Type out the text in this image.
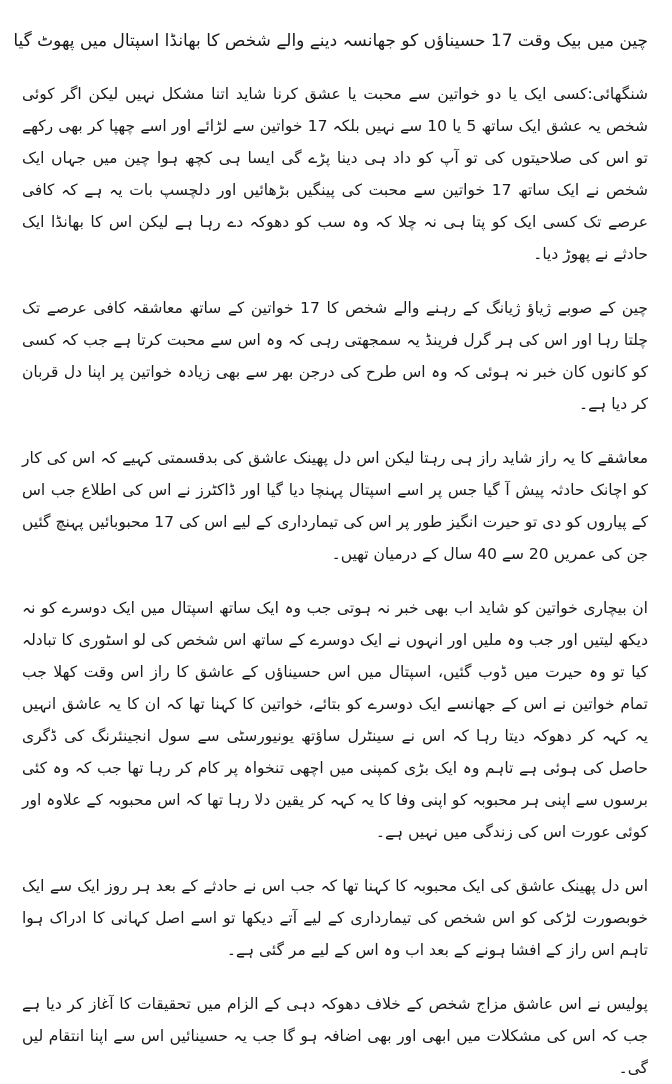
چین میں بیک وقت 17 حسیناؤں کو جھانسہ دینے والے شخص کا بھانڈا اسپتال میں پھوٹ گیا

شنگھائی:کسی ایک یا دو خواتین سے محبت یا عشق کرنا شاید اتنا مشکل نہیں لیکن اگر کوئی شخص یہ عشق ایک ساتھ 5 یا 10 سے نہیں بلکہ 17 خواتین سے لڑائے اور اسے چھپا کر بھی رکھے تو اس کی صلاحیتوں کی تو آپ کو داد ہی دینا پڑے گی ایسا ہی کچھ ہوا چین میں جہاں ایک شخص نے ایک ساتھ 17 خواتین سے محبت کی پینگیں بڑھائیں اور دلچسپ بات یہ ہے کہ کافی عرصے تک کسی ایک کو پتا ہی نہ چلا کہ وہ سب کو دھوکہ دے رہا ہے لیکن اس کا بھانڈا ایک حادثے نے پھوڑ دیا۔

چین کے صوبے ژیاؤ ژیانگ کے رہنے والے شخص کا 17 خواتین کے ساتھ معاشقہ کافی عرصے تک چلتا رہا اور اس کی ہر گرل فرینڈ یہ سمجھتی رہی کہ وہ اس سے محبت کرتا ہے جب کہ کسی کو کانوں کان خبر نہ ہوئی کہ وہ اس طرح کی درجن بھر سے بھی زیادہ خواتین پر اپنا دل قربان کر دیا ہے۔

معاشقے کا یہ راز شاید راز ہی رہتا لیکن اس دل پھینک عاشق کی بدقسمتی کہیے کہ اس کی کار کو اچانک حادثہ پیش آ گیا جس پر اسے اسپتال پہنچا دیا گیا اور ڈاکٹرز نے اس کی اطلاع جب اس کے پیاروں کو دی تو حیرت انگیز طور پر اس کی تیمارداری کے لیے اس کی 17 محبوبائیں پہنچ گئیں جن کی عمریں 20 سے 40 سال کے درمیان تھیں۔

ان بیچاری خواتین کو شاید اب بھی خبر نہ ہوتی جب وہ ایک ساتھ اسپتال میں ایک دوسرے کو نہ دیکھ لیتیں اور جب وہ ملیں اور انہوں نے ایک دوسرے کے ساتھ اس شخص کی لو اسٹوری کا تبادلہ کیا تو وہ حیرت میں ڈوب گئیں، اسپتال میں اس حسیناؤں کے عاشق کا راز اس وقت کھلا جب تمام خواتین نے اس کے جھانسے ایک دوسرے کو بتائے، خواتین کا کہنا تھا کہ ان کا یہ عاشق انہیں یہ کہہ کر دھوکہ دیتا رہا کہ اس نے سینٹرل ساؤتھ یونیورسٹی سے سول انجینئرنگ کی ڈگری حاصل کی ہوئی ہے تاہم وہ ایک بڑی کمپنی میں اچھی تنخواہ پر کام کر رہا تھا جب کہ وہ کئی برسوں سے اپنی ہر محبوبہ کو اپنی وفا کا یہ کہہ کر یقین دلا رہا تھا کہ اس محبوبہ کے علاوہ اور کوئی عورت اس کی زندگی میں نہیں ہے۔

اس دل پھینک عاشق کی ایک محبوبہ کا کہنا تھا کہ جب اس نے حادثے کے بعد ہر روز ایک سے ایک خوبصورت لڑکی کو اس شخص کی تیمارداری کے لیے آتے دیکھا تو اسے اصل کہانی کا ادراک ہوا تاہم اس راز کے افشا ہونے کے بعد اب وہ اس کے لیے مر گئی ہے۔

پولیس نے اس عاشق مزاج شخص کے خلاف دھوکہ دہی کے الزام میں تحقیقات کا آغاز کر دیا ہے جب کہ اس کی مشکلات میں ابھی اور بھی اضافہ ہو گا جب یہ حسینائیں اس سے اپنا انتقام لیں گی۔
